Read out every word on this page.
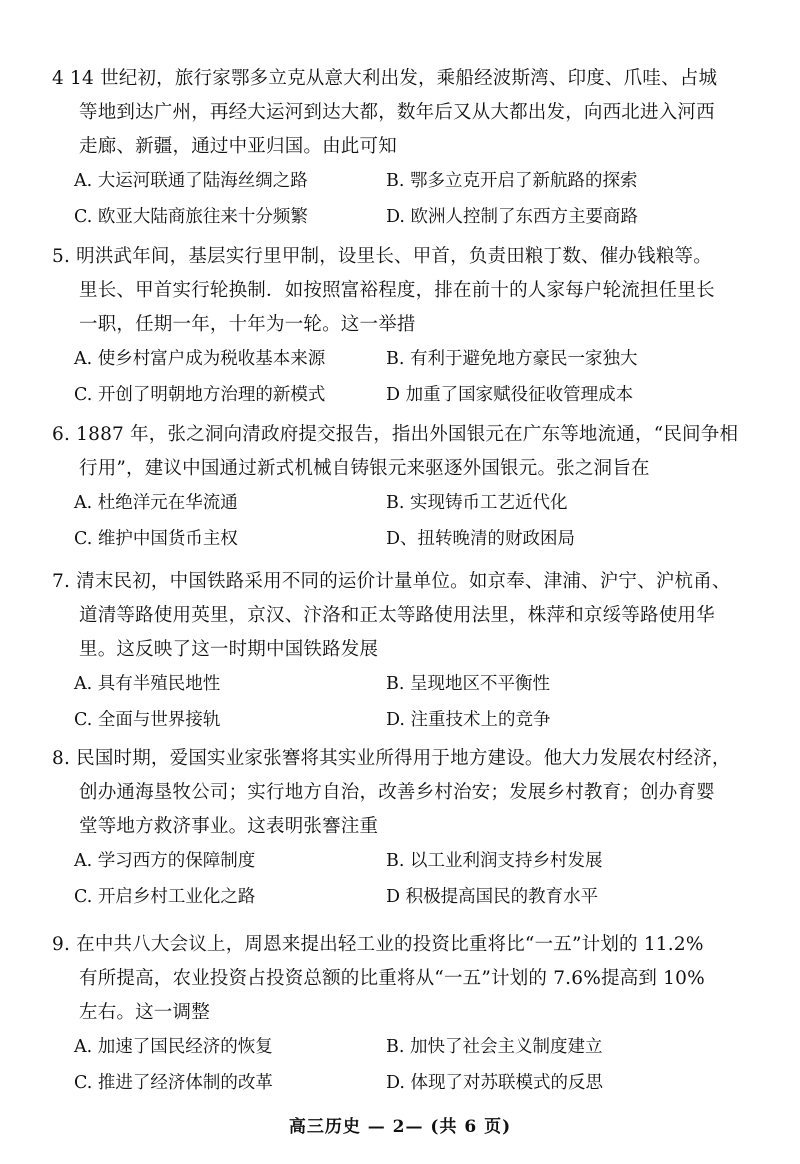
4 14 世纪初，旅行家鄂多立克从意大利出发，乘船经波斯湾、印度、爪哇、占城
等地到达广州，再经大运河到达大都，数年后又从大都出发，向西北进入河西
走廊、新疆，通过中亚归国。由此可知
A. 大运河联通了陆海丝绸之路	B. 鄂多立克开启了新航路的探索
C. 欧亚大陆商旅往来十分频繁	D. 欧洲人控制了东西方主要商路
5. 明洪武年间，基层实行里甲制，设里长、甲首，负责田粮丁数、催办钱粮等。
里长、甲首实行轮换制．如按照富裕程度，排在前十的人家每户轮流担任里长
一职，任期一年，十年为一轮。这一举措
A. 使乡村富户成为税收基本来源	B. 有利于避免地方豪民一家独大
C. 开创了明朝地方治理的新模式	D 加重了国家赋役征收管理成本
6. 1887 年，张之洞向清政府提交报告，指出外国银元在广东等地流通，“民间争相
行用”，建议中国通过新式机械自铸银元来驱逐外国银元。张之洞旨在
A. 杜绝洋元在华流通	B. 实现铸币工艺近代化
C. 维护中国货币主权	D、扭转晚清的财政困局
7. 清末民初，中国铁路采用不同的运价计量单位。如京奉、津浦、沪宁、沪杭甬、
道清等路使用英里，京汉、汴洛和正太等路使用法里，株萍和京绥等路使用华
里。这反映了这一时期中国铁路发展
A. 具有半殖民地性	B. 呈现地区不平衡性
C. 全面与世界接轨	D. 注重技术上的竞争
8. 民国时期，爱国实业家张謇将其实业所得用于地方建设。他大力发展农村经济，
创办通海垦牧公司；实行地方自治，改善乡村治安；发展乡村教育；创办育婴
堂等地方救济事业。这表明张謇注重
A. 学习西方的保障制度	B. 以工业利润支持乡村发展
C. 开启乡村工业化之路	D 积极提高国民的教育水平
9. 在中共八大会议上，周恩来提出轻工业的投资比重将比“一五”计划的 11.2%
有所提高，农业投资占投资总额的比重将从“一五”计划的 7.6%提高到 10%
左右。这一调整
A. 加速了国民经济的恢复	B. 加快了社会主义制度建立
C. 推进了经济体制的改革	D. 体现了对苏联模式的反思
高三历史 — 2— (共 6 页)
